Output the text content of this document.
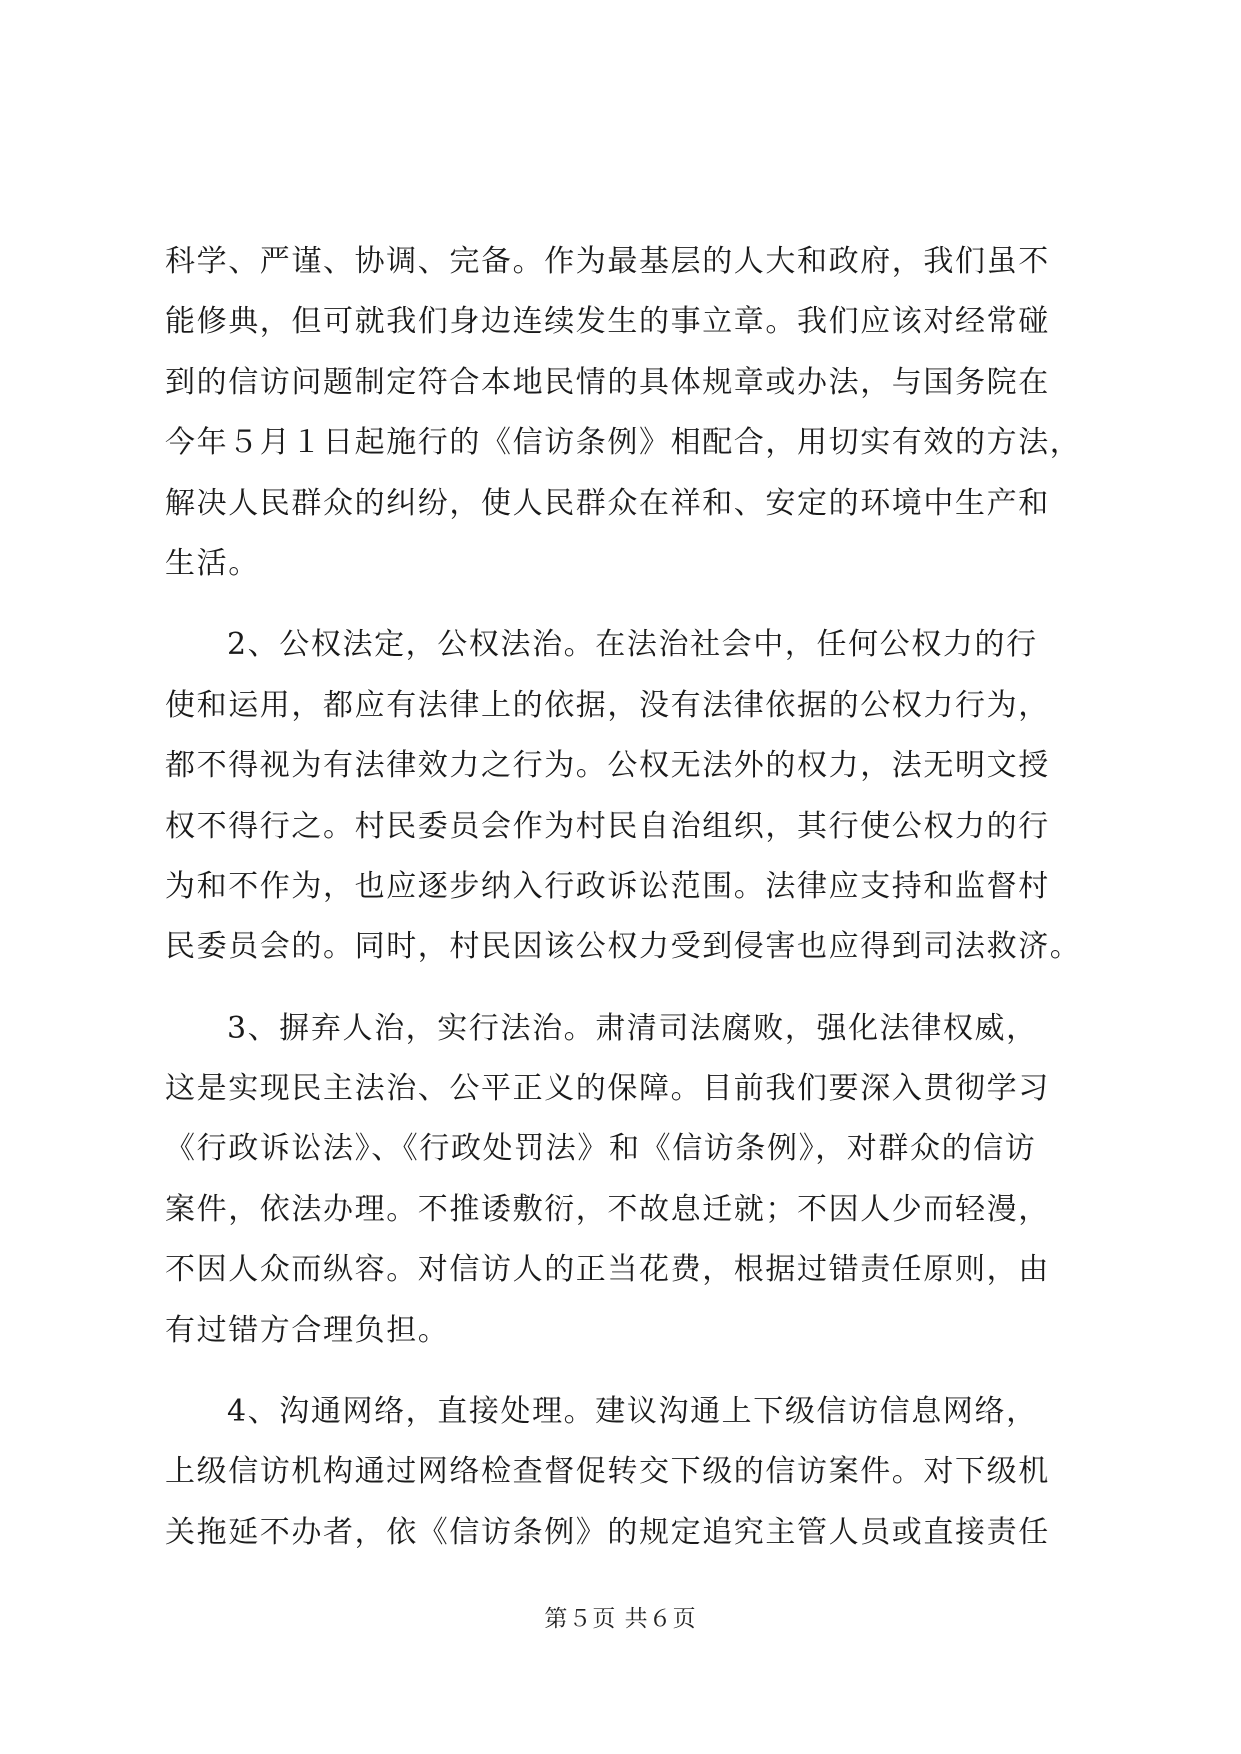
科学、严谨、协调、完备。作为最基层的人大和政府，我们虽不
能修典，但可就我们身边连续发生的事立章。我们应该对经常碰
到的信访问题制定符合本地民情的具体规章或办法，与国务院在
今年５月１日起施行的《信访条例》相配合，用切实有效的方法，
解决人民群众的纠纷，使人民群众在祥和、安定的环境中生产和
生活。
2、公权法定，公权法治。在法治社会中，任何公权力的行
使和运用，都应有法律上的依据，没有法律依据的公权力行为，
都不得视为有法律效力之行为。公权无法外的权力，法无明文授
权不得行之。村民委员会作为村民自治组织，其行使公权力的行
为和不作为，也应逐步纳入行政诉讼范围。法律应支持和监督村
民委员会的。同时，村民因该公权力受到侵害也应得到司法救济。
3、摒弃人治，实行法治。肃清司法腐败，强化法律权威，
这是实现民主法治、公平正义的保障。目前我们要深入贯彻学习
《行政诉讼法》、《行政处罚法》和《信访条例》，对群众的信访
案件，依法办理。不推诿敷衍，不故息迁就；不因人少而轻漫，
不因人众而纵容。对信访人的正当花费，根据过错责任原则，由
有过错方合理负担。
4、沟通网络，直接处理。建议沟通上下级信访信息网络，
上级信访机构通过网络检查督促转交下级的信访案件。对下级机
关拖延不办者，依《信访条例》的规定追究主管人员或直接责任
第５页 共６页
